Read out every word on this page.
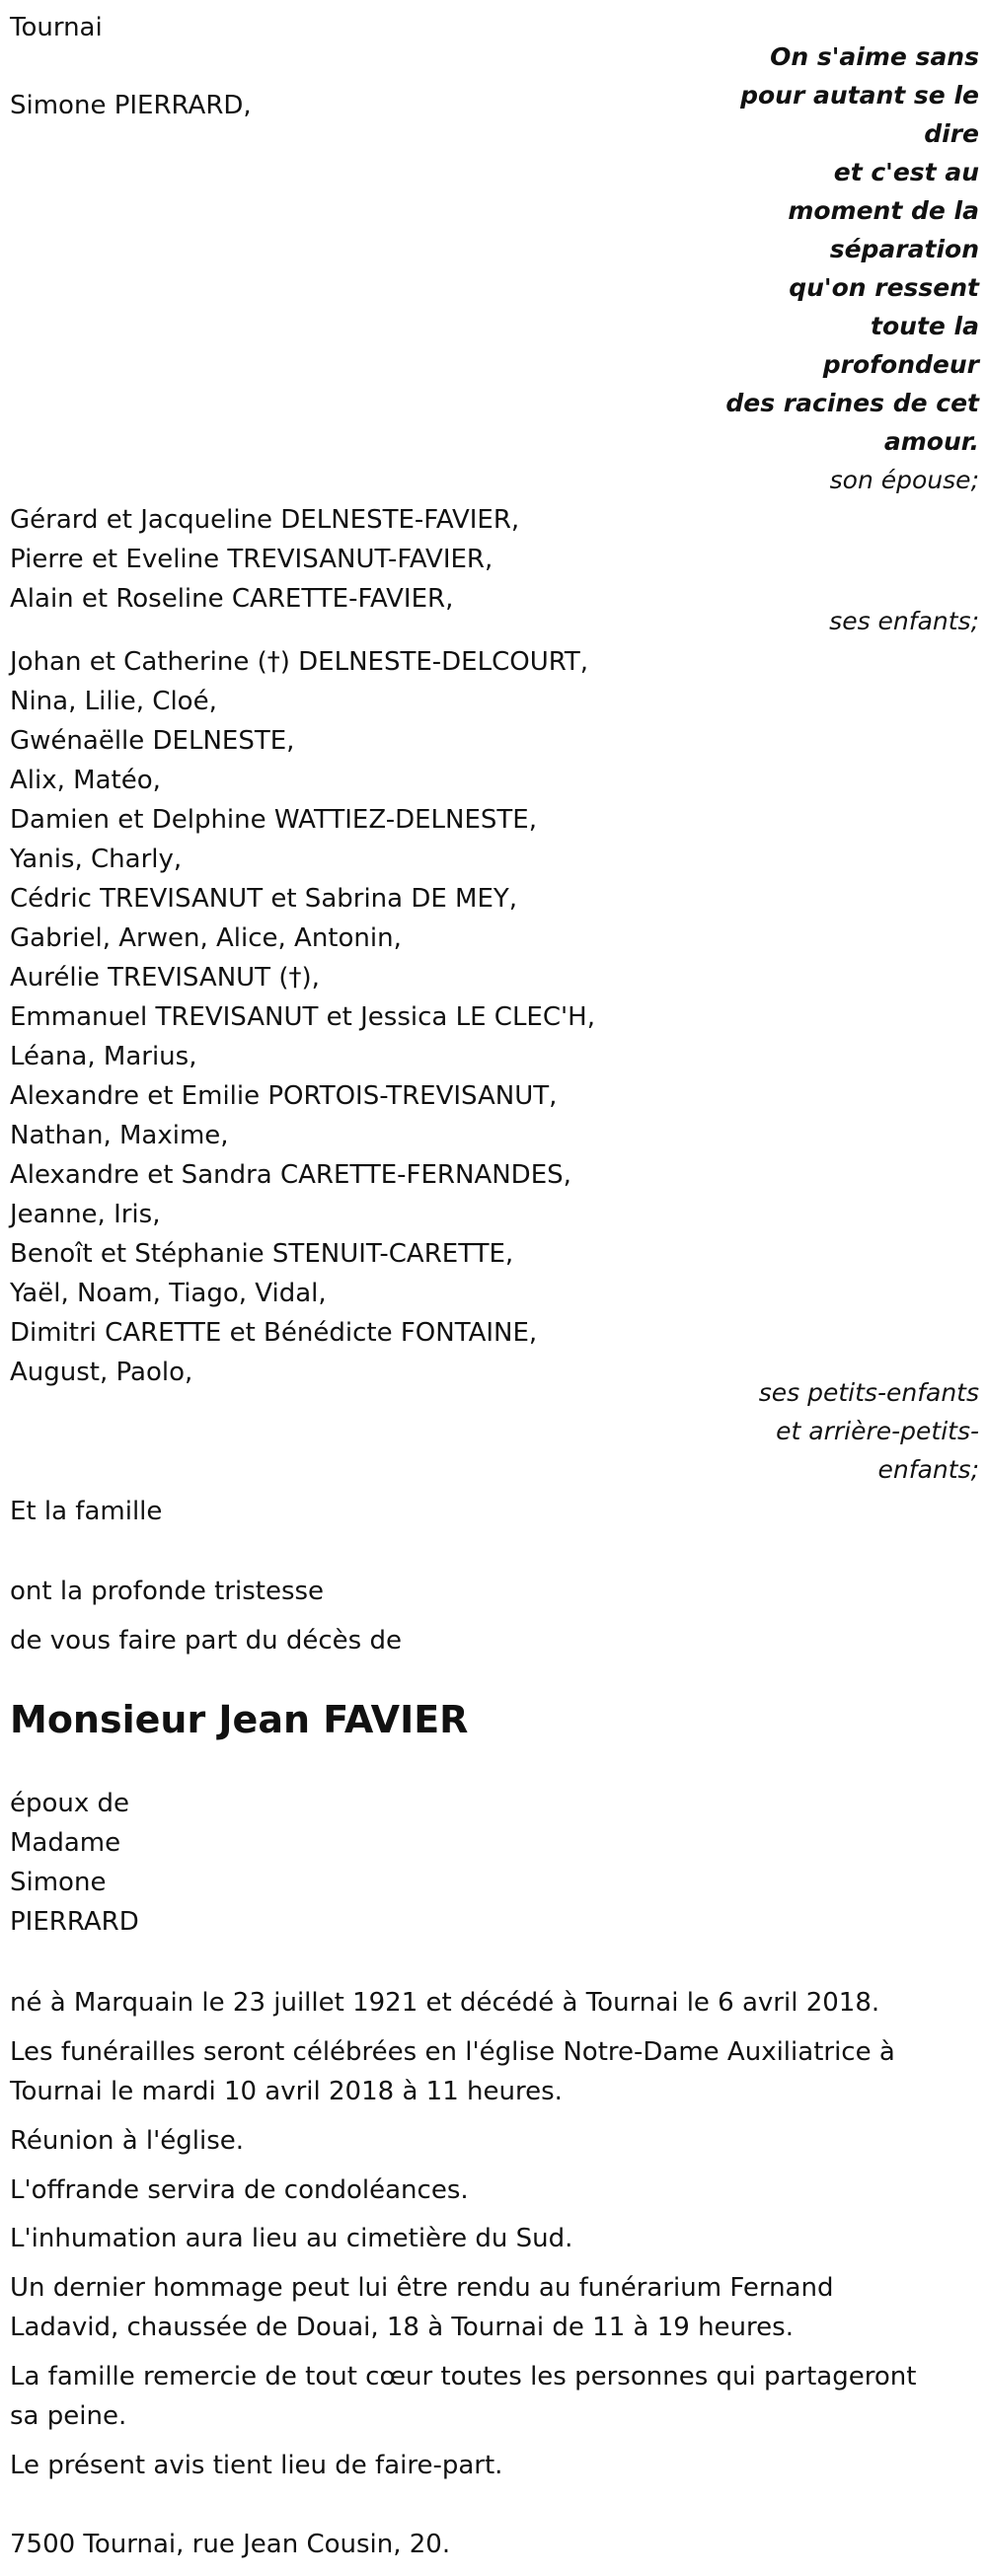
Tournai
Simone PIERRARD,
On s'aime sans
pour autant se le
dire
et c'est au
moment de la
séparation
qu'on ressent
toute la
profondeur
des racines de cet
amour.
son épouse;
Gérard et Jacqueline DELNESTE-FAVIER,
Pierre et Eveline TREVISANUT-FAVIER,
Alain et Roseline CARETTE-FAVIER,
ses enfants;
Johan et Catherine (†) DELNESTE-DELCOURT,
Nina, Lilie, Cloé,
Gwénaëlle DELNESTE,
Alix, Matéo,
Damien et Delphine WATTIEZ-DELNESTE,
Yanis, Charly,
Cédric TREVISANUT et Sabrina DE MEY,
Gabriel, Arwen, Alice, Antonin,
Aurélie TREVISANUT (†),
Emmanuel TREVISANUT et Jessica LE CLEC'H,
Léana, Marius,
Alexandre et Emilie PORTOIS-TREVISANUT,
Nathan, Maxime,
Alexandre et Sandra CARETTE-FERNANDES,
Jeanne, Iris,
Benoît et Stéphanie STENUIT-CARETTE,
Yaël, Noam, Tiago, Vidal,
Dimitri CARETTE et Bénédicte FONTAINE,
August, Paolo,
ses petits-enfants
et arrière-petits-
enfants;
Et la famille
ont la profonde tristesse
de vous faire part du décès de
Monsieur Jean FAVIER
époux de
Madame
Simone
PIERRARD
né à Marquain le 23 juillet 1921 et décédé à Tournai le 6 avril 2018.
Les funérailles seront célébrées en l'église Notre-Dame Auxiliatrice à
Tournai le mardi 10 avril 2018 à 11 heures.
Réunion à l'église.
L'offrande servira de condoléances.
L'inhumation aura lieu au cimetière du Sud.
Un dernier hommage peut lui être rendu au funérarium Fernand
Ladavid, chaussée de Douai, 18 à Tournai de 11 à 19 heures.
La famille remercie de tout cœur toutes les personnes qui partageront
sa peine.
Le présent avis tient lieu de faire-part.
7500 Tournai, rue Jean Cousin, 20.
